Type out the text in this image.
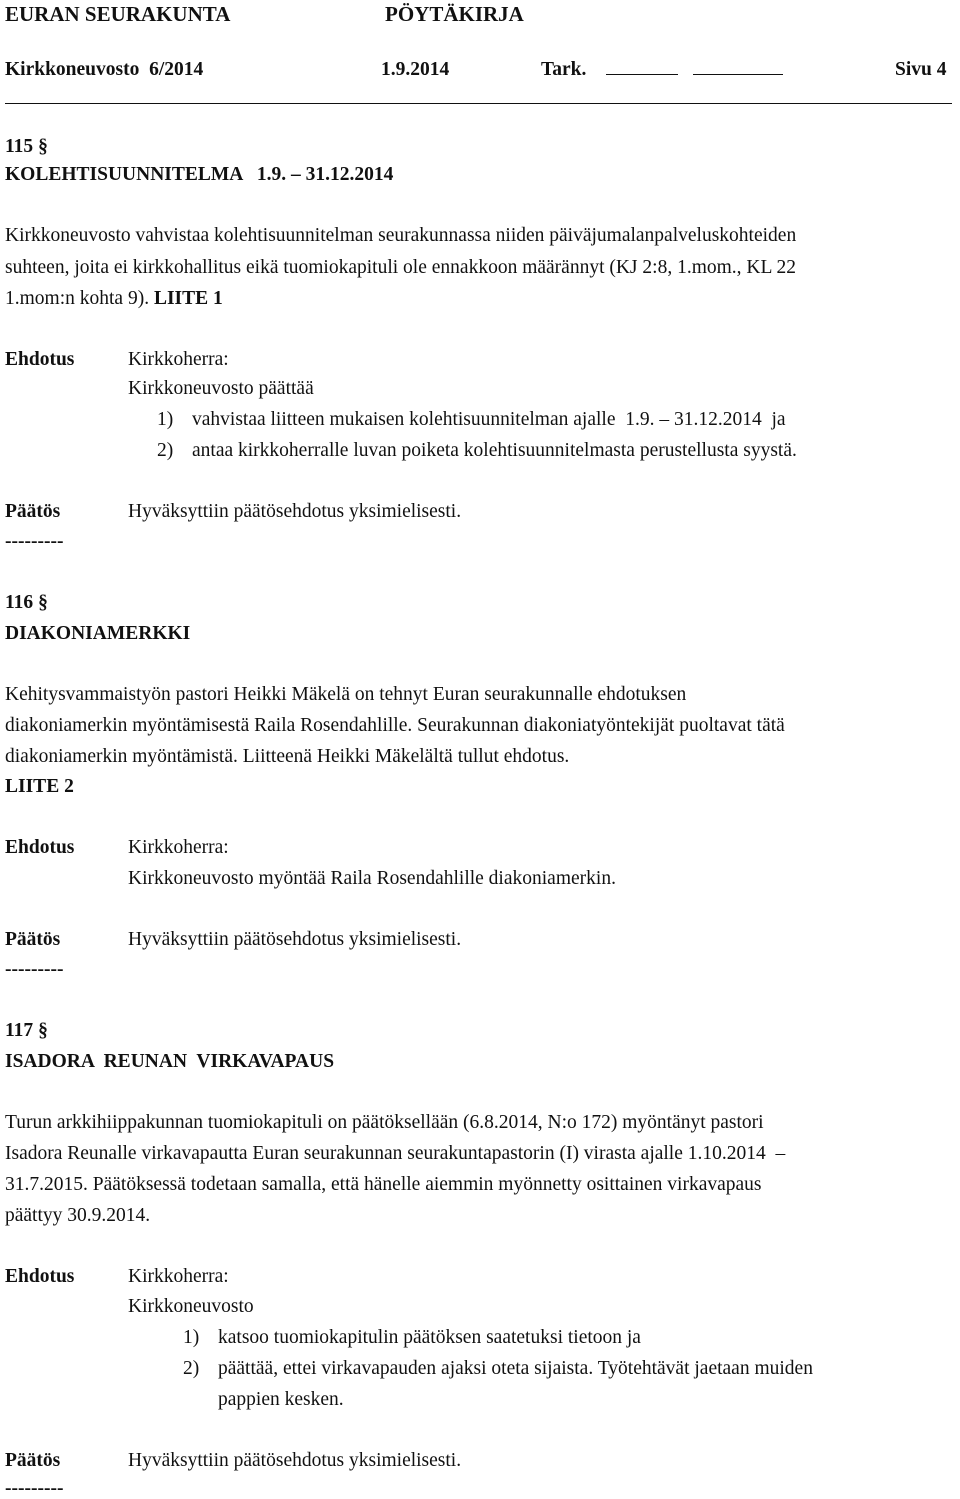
EURAN SEURAKUNTA	PÖYTÄKIRJA
Kirkkoneuvosto  6/2014	1.9.2014	Tark.	Sivu 4
115 §
KOLEHTISUUNNITELMA   1.9. – 31.12.2014
Kirkkoneuvosto vahvistaa kolehtisuunnitelman seurakunnassa niiden päiväjumalanpalveluskohteiden
suhteen, joita ei kirkkohallitus eikä tuomiokapituli ole ennakkoon määrännyt (KJ 2:8, 1.mom., KL 22
1.mom:n kohta 9). LIITE 1
Ehdotus	Kirkkoherra:
Kirkkoneuvosto päättää
1) vahvistaa liitteen mukaisen kolehtisuunnitelman ajalle  1.9. – 31.12.2014  ja
2) antaa kirkkoherralle luvan poiketa kolehtisuunnitelmasta perustellusta syystä.
Päätös	Hyväksyttiin päätösehdotus yksimielisesti.
---------
116 §
DIAKONIAMERKKI
Kehitysvammaistyön pastori Heikki Mäkelä on tehnyt Euran seurakunnalle ehdotuksen
diakoniamerkin myöntämisestä Raila Rosendahlille. Seurakunnan diakoniatyöntekijät puoltavat tätä
diakoniamerkin myöntämistä. Liitteenä Heikki Mäkelältä tullut ehdotus.
LIITE 2
Ehdotus	Kirkkoherra:
Kirkkoneuvosto myöntää Raila Rosendahlille diakoniamerkin.
Päätös	Hyväksyttiin päätösehdotus yksimielisesti.
---------
117 §
ISADORA  REUNAN  VIRKAVAPAUS
Turun arkkihiippakunnan tuomiokapituli on päätöksellään (6.8.2014, N:o 172) myöntänyt pastori
Isadora Reunalle virkavapautta Euran seurakunnan seurakuntapastorin (I) virasta ajalle 1.10.2014  –
31.7.2015. Päätöksessä todetaan samalla, että hänelle aiemmin myönnetty osittainen virkavapaus
päättyy 30.9.2014.
Ehdotus	Kirkkoherra:
Kirkkoneuvosto
1) katsoo tuomiokapitulin päätöksen saatetuksi tietoon ja
2) päättää, ettei virkavapauden ajaksi oteta sijaista. Työtehtävät jaetaan muiden
pappien kesken.
Päätös	Hyväksyttiin päätösehdotus yksimielisesti.
---------
